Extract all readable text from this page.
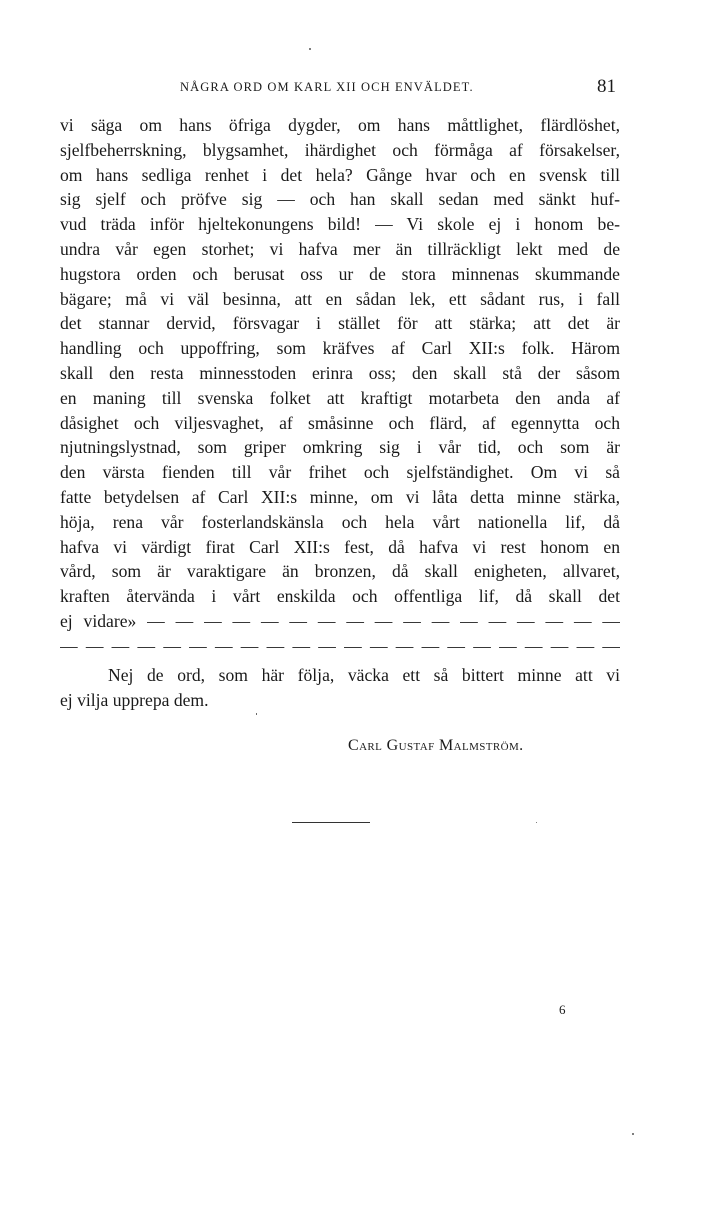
NÅGRA ORD OM KARL XII OCH ENVÄLDET.	81
vi säga om hans öfriga dygder, om hans måttlighet, flärdlöshet,
sjelfbeherrskning, blygsamhet, ihärdighet och förmåga af försakelser,
om hans sedliga renhet i det hela? Gånge hvar och en svensk till
sig sjelf och pröfve sig — och han skall sedan med sänkt huf-
vud träda inför hjeltekonungens bild! — Vi skole ej i honom be-
undra vår egen storhet; vi hafva mer än tillräckligt lekt med de
hugstora orden och berusat oss ur de stora minnenas skummande
bägare; må vi väl besinna, att en sådan lek, ett sådant rus, i fall
det stannar dervid, försvagar i stället för att stärka; att det är
handling och uppoffring, som kräfves af Carl XII:s folk. Härom
skall den resta minnesstoden erinra oss; den skall stå der såsom
en maning till svenska folket att kraftigt motarbeta den anda af
dåsighet och viljesvaghet, af småsinne och flärd, af egennytta och
njutningslystnad, som griper omkring sig i vår tid, och som är
den värsta fienden till vår frihet och sjelfständighet. Om vi så
fatte betydelsen af Carl XII:s minne, om vi låta detta minne stärka,
höja, rena vår fosterlandskänsla och hela vårt nationella lif, då
hafva vi värdigt firat Carl XII:s fest, då hafva vi rest honom en
vård, som är varaktigare än bronzen, då skall enigheten, allvaret,
kraften återvända i vårt enskilda och offentliga lif, då skall det
ej vidare» — — — — — — — — — — — — — — — — —
— — — — — — — — — — — — — — — — — — — — — —
Nej de ord, som här följa, väcka ett så bittert minne att vi
ej vilja upprepa dem.
Carl Gustaf Malmström.
6
